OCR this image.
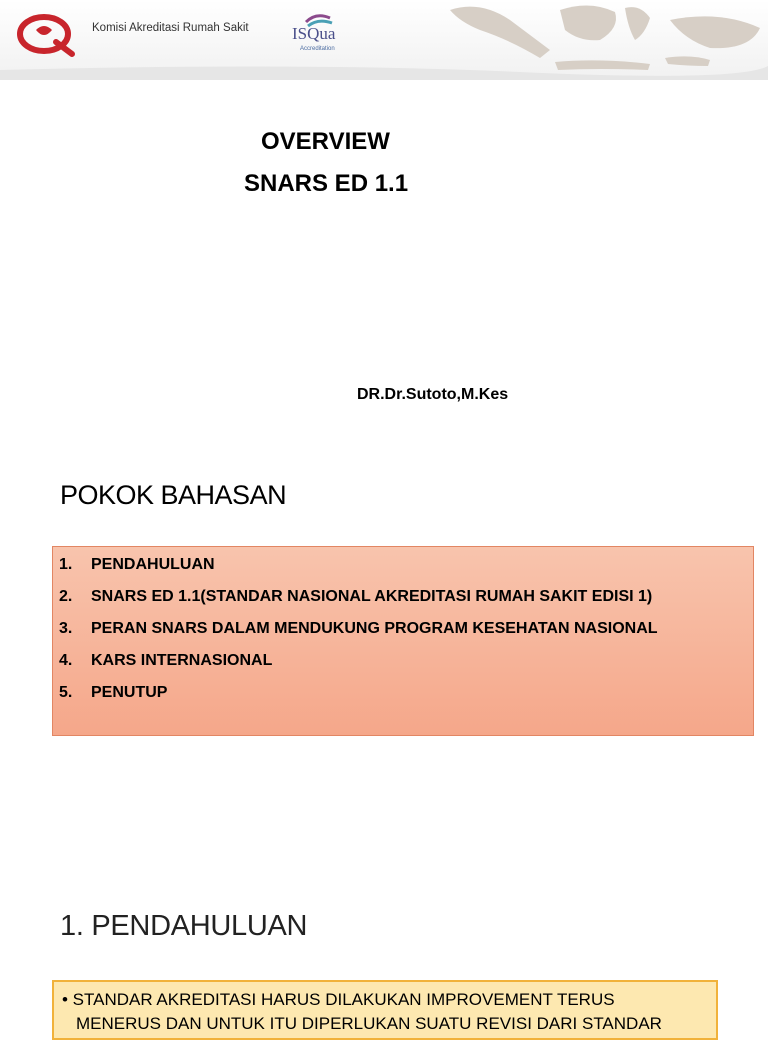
Komisi Akreditasi Rumah Sakit	ISQua
Accreditation
OVERVIEW
SNARS ED 1.1
DR.Dr.Sutoto,M.Kes
POKOK BAHASAN
1. PENDAHULUAN
2. SNARS ED 1.1(STANDAR NASIONAL AKREDITASI RUMAH SAKIT EDISI 1)
3. PERAN SNARS DALAM MENDUKUNG PROGRAM KESEHATAN NASIONAL
4. KARS INTERNASIONAL
5. PENUTUP
1. PENDAHULUAN
• STANDAR AKREDITASI HARUS DILAKUKAN IMPROVEMENT TERUS
MENERUS DAN UNTUK ITU DIPERLUKAN SUATU REVISI DARI STANDAR
